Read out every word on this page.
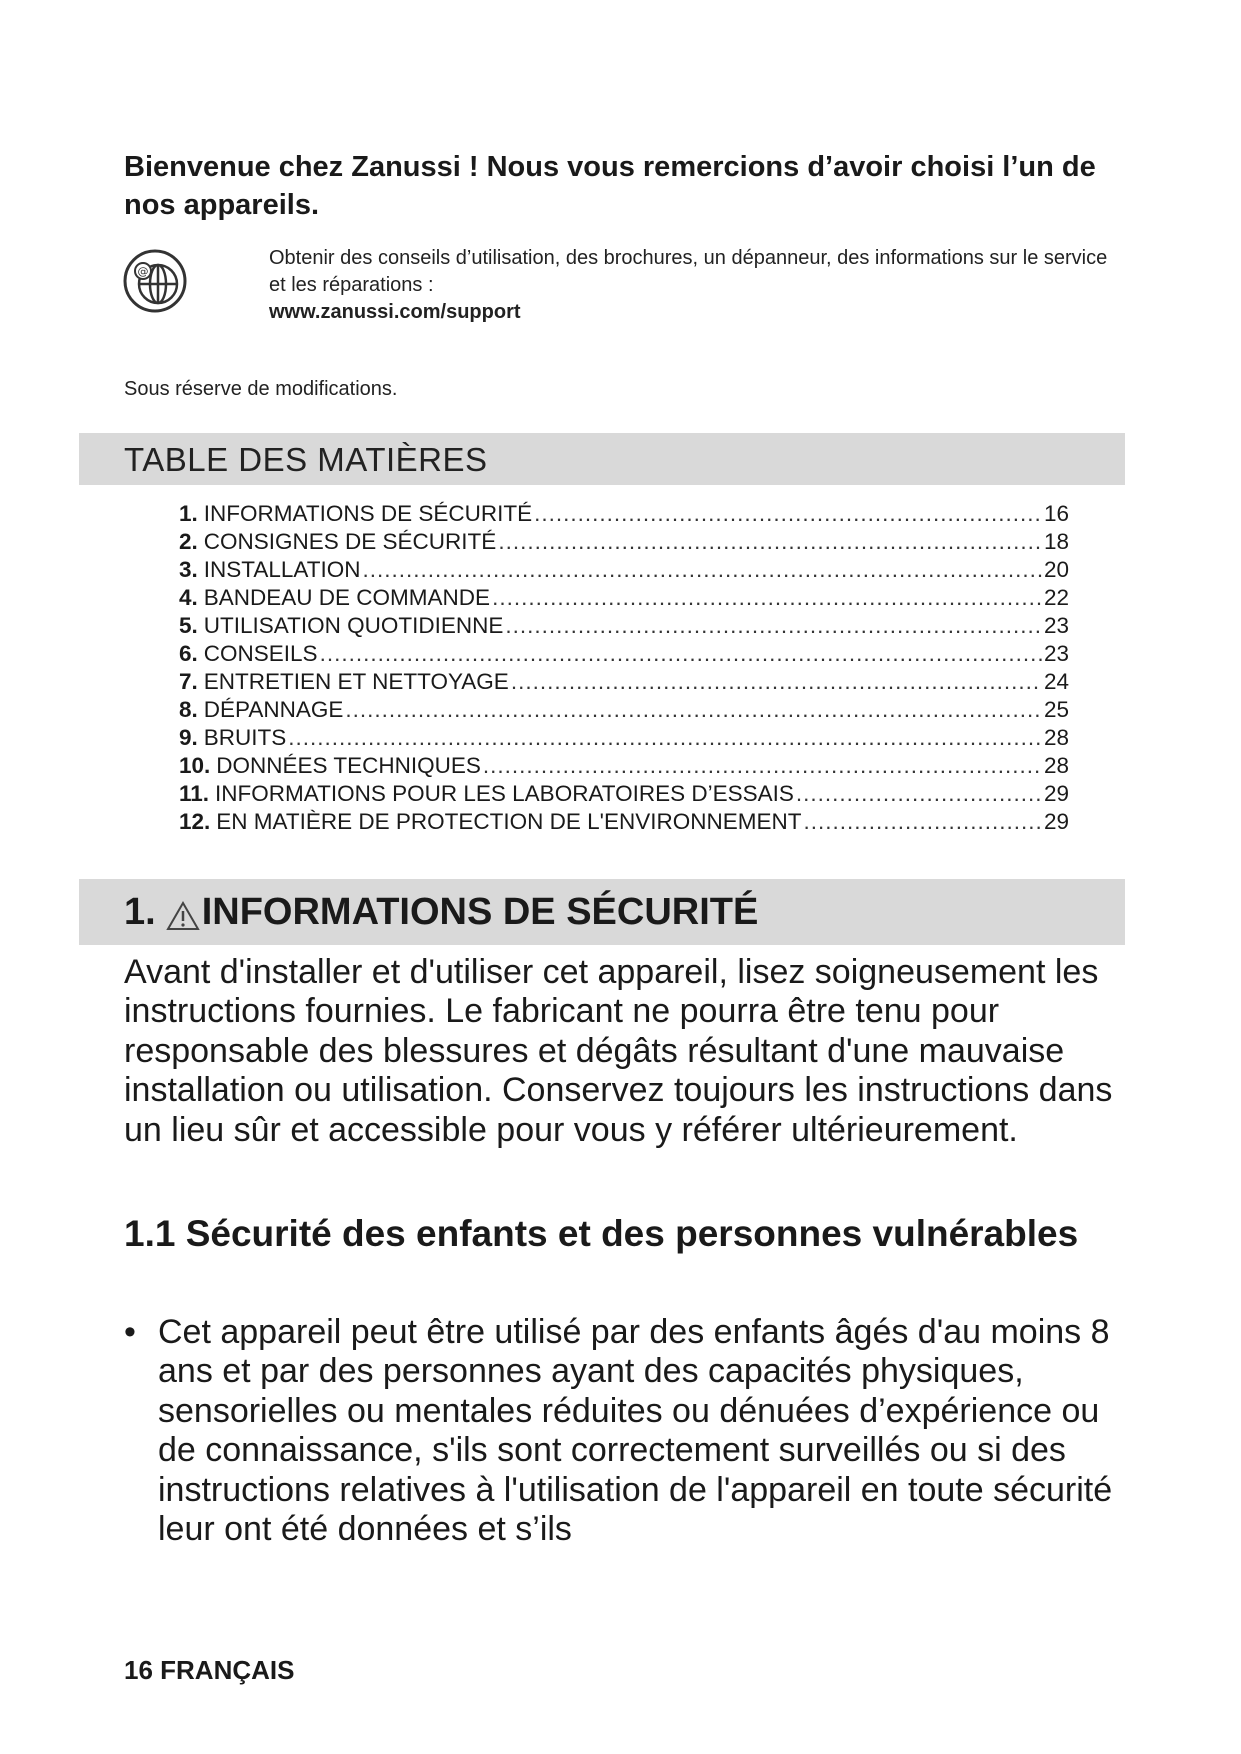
Bienvenue chez Zanussi ! Nous vous remercions d’avoir choisi l’un de nos appareils.
@
Obtenir des conseils d’utilisation, des brochures, un dépanneur, des informations sur le service et les réparations :
www.zanussi.com/support
Sous réserve de modifications.
TABLE DES MATIÈRES
1. INFORMATIONS DE SÉCURITÉ .....	16
2. CONSIGNES DE SÉCURITÉ .....	18
3. INSTALLATION .....	20
4. BANDEAU DE COMMANDE .....	22
5. UTILISATION QUOTIDIENNE .....	23
6. CONSEILS .....	23
7. ENTRETIEN ET NETTOYAGE .....	24
8. DÉPANNAGE .....	25
9. BRUITS .....	28
10. DONNÉES TECHNIQUES .....	28
11. INFORMATIONS POUR LES LABORATOIRES D’ESSAIS .....	29
12. EN MATIÈRE DE PROTECTION DE L'ENVIRONNEMENT .....	29
1. INFORMATIONS DE SÉCURITÉ

Avant d'installer et d'utiliser cet appareil, lisez soigneusement les instructions fournies. Le fabricant ne pourra être tenu pour responsable des blessures et dégâts résultant d'une mauvaise installation ou utilisation. Conservez toujours les instructions dans un lieu sûr et accessible pour vous y référer ultérieurement.

1.1 Sécurité des enfants et des personnes vulnérables
• Cet appareil peut être utilisé par des enfants âgés d'au moins 8 ans et par des personnes ayant des capacités physiques, sensorielles ou mentales réduites ou dénuées d’expérience ou de connaissance, s'ils sont correctement surveillés ou si des instructions relatives à l'utilisation de l'appareil en toute sécurité leur ont été données et s’ils

16 FRANÇAIS
